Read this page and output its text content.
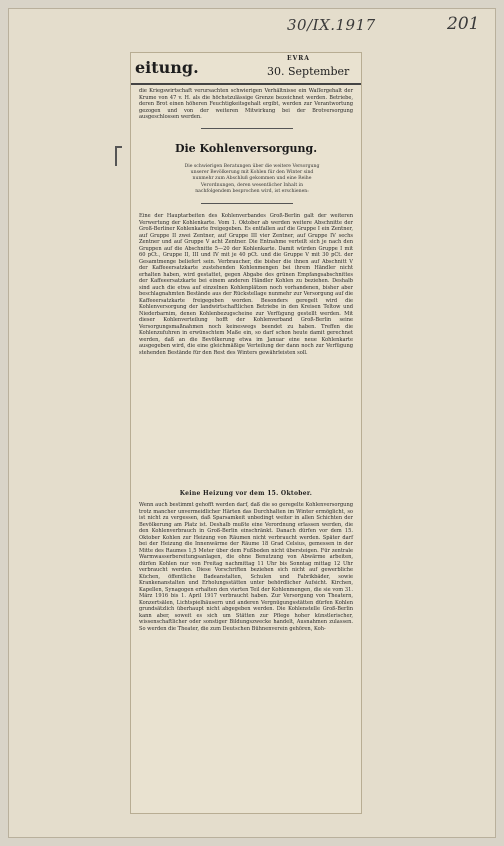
30/IX.1917	201
eitung.	EVRA
30. September
die Kriegswirtschaft verursachten schwierigen Verhältnisse ein Waſſergehalt der Krume von 47 v. H. als die höchstzulässige Grenze bezeichnet werden. Betriebe, deren Brot einen höheren Feuchtigkeitsgehalt ergibt, werden zur Verantwortung gezogen und von der weiteren Mitwirkung bei der Brotversorgung ausgeschlossen werden.
Die Kohlenversorgung.
Die schwierigen Beratungen über die weitere Versorgung unserer Bevölkerung mit Kohlen für den Winter sind nunmehr zum Abschluß gekommen und eine Reihe Verordnungen, deren wesentlicher Inhalt in nachfolgendem besprochen wird, ist erschienen:
Eine der Hauptarbeiten des Kohlenverbandes Groß-Berlin galt der weiteren Verwertung der Kohlenkarte. Vom 1. Oktober ab werden weitere Abschnitte der Groß-Berliner Kohlenkarte freigegeben. Es entfallen auf die Gruppe I ein Zentner, auf Gruppe II zwei Zentner, auf Gruppe III vier Zentner, auf Gruppe IV sechs Zentner und auf Gruppe V acht Zentner. Die Entnahme verteilt sich je nach den Gruppen auf die Abschnitte 5—20 der Kohlenkarte. Damit würden Gruppe I mit 60 pCt., Gruppe II, III und IV mit je 40 pCt. und die Gruppe V mit 30 pCt. der Gesamtmenge beliefert sein. Verbraucher, die bisher die ihnen auf Abschnitt V der Kaffeeersatzkarte zustehenden Kohlenmengen bei ihrem Händler nicht erhalten haben, wird gestattet, gegen Abgabe des grünen Empfangsabschnittes der Kaffeeersatzkarte bei einem anderen Händler Kohlen zu beziehen. Deshalb sind auch die etwa auf einzelnen Kohlenplätzen noch vorhandenen, bisher aber beschlagnahmten Bestände aus der Rückstellage nunmehr zur Versorgung auf die Kaffeeersatzkarte freigegeben worden. Besonders geregelt wird die Kohlenversorgung der landwirtschaftlichen Betriebe in den Kreisen Teltow und Niederbarnim, denen Kohlenbezugscheine zur Verfügung gestellt werden. Mit dieser Kohlenverteilung hofft der Kohlenverband Groß-Berlin seine Versorgungsmaßnahmen noch keineswegs beendet zu haben. Treffen die Kohlenzufuhren in erwünschtem Maße ein, so darf schon heute damit gerechnet werden, daß an die Bevölkerung etwa im Januar eine neue Kohlenkarte ausgegeben wird, die eine gleichmäßige Verteilung der dann noch zur Verfügung stehenden Bestände für den Rest des Winters gewährleisten soll.
Keine Heizung vor dem 15. Oktober.
Wenn auch bestimmt gehofft werden darf, daß die so geregelte Kohlenversorgung trotz mancher unvermeidlicher Härten das Durchhalten im Winter ermöglicht, so ist nicht zu vergessen, daß Sparsamkeit unbedingt weiter in allen Schichten der Bevölkerung am Platz ist. Deshalb mußte eine Verordnung erlassen werden, die den Kohlenverbrauch in Groß-Berlin einschränkt. Danach dürfen vor dem 15. Oktober Kohlen zur Heizung von Räumen nicht verbraucht werden. Später darf bei der Heizung die Innenwärme der Räume 18 Grad Celsius, gemessen in der Mitte des Raumes 1,5 Meter über dem Fußboden nicht übersteigen. Für zentrale Warmwasserbereitungsanlagen, die ohne Benutzung von Abwärme arbeiten, dürfen Kohlen nur von Freitag nachmittag 11 Uhr bis Sonntag mittag 12 Uhr verbraucht werden. Diese Vorschriften beziehen sich nicht auf gewerbliche Küchen, öffentliche Badeanstalten, Schulen und Fabrikbäder, sowie Krankenanstalten und Erholungsstätten unter behördlicher Aufsicht. Kirchen, Kapellen, Synagogen erhalten den vierten Teil der Kohlenmengen, die sie vom 31. März 1916 bis 1. April 1917 verbraucht haben. Zur Versorgung von Theatern, Konzertsälen, Lichtspielhäusern und anderen Vergnügungsstätten dürfen Kohlen grundsätzlich überhaupt nicht abgegeben werden. Die Kohlenstelle Groß-Berlin kann aber, soweit es sich um Stätten zur Pflege hoher künstlerischer, wissenschaftlicher oder sonstiger Bildungszwecke handelt, Ausnahmen zulassen. So werden die Theater, die zum Deutschen Bühnenverein gehören, Koh-
